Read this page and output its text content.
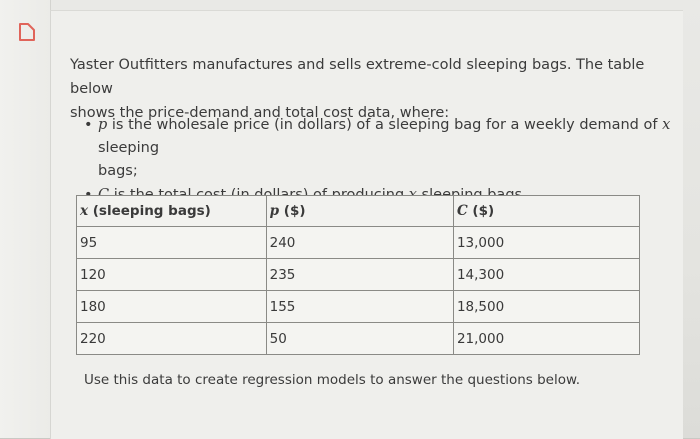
Yaster Outfitters manufactures and sells extreme-cold sleeping bags. The table below
shows the price-demand and total cost data, where:
• p is the wholesale price (in dollars) of a sleeping bag for a weekly demand of x sleeping
bags;
x (sleeping bags)	p ($)	C ($)
95	240	13,000
120	235	14,300
180	155	18,500
220	50	21,000
Use this data to create regression models to answer the questions below.
